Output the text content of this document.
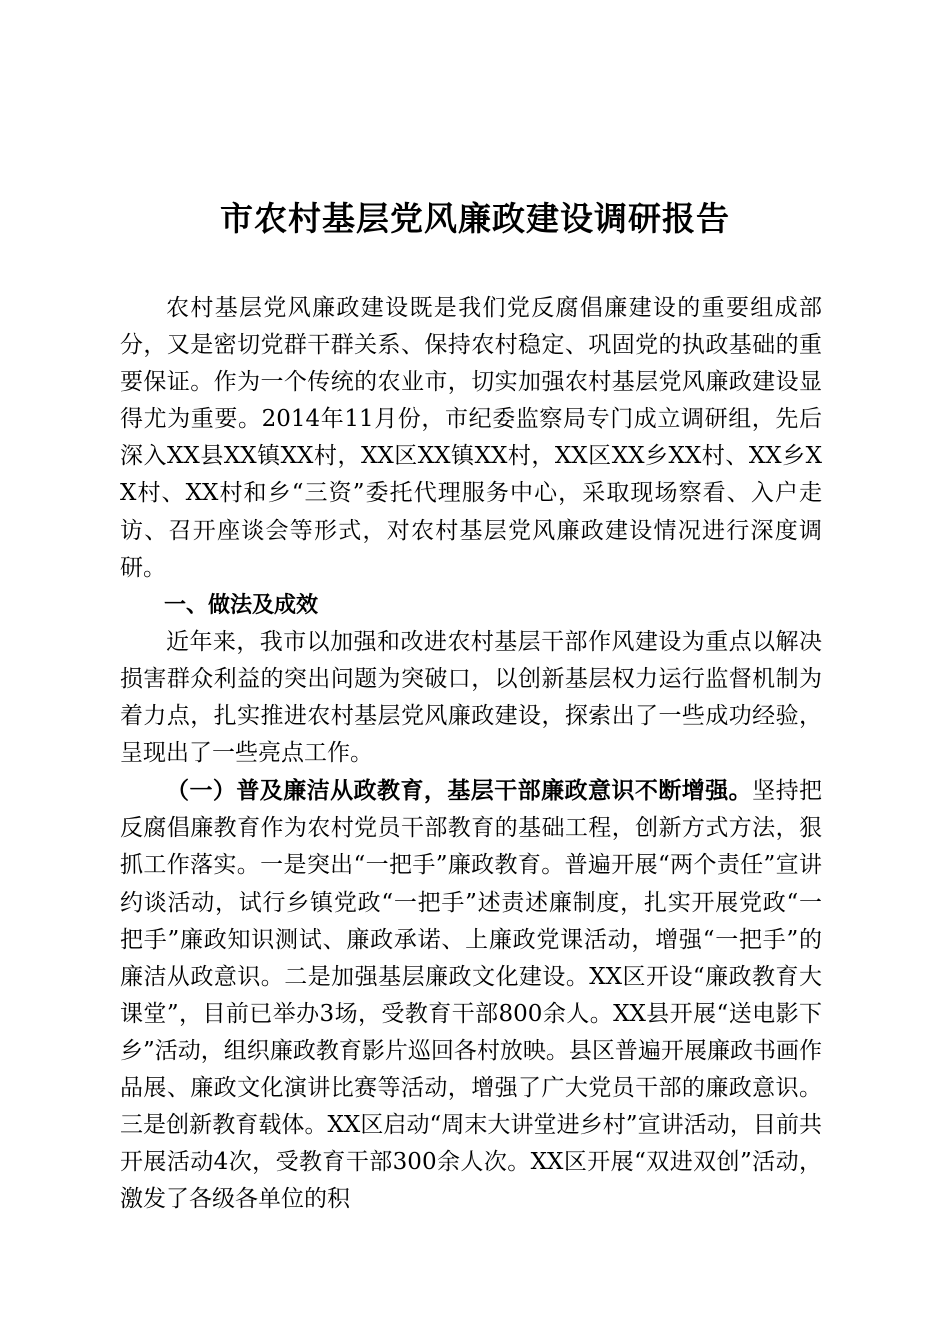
市农村基层党风廉政建设调研报告

农村基层党风廉政建设既是我们党反腐倡廉建设的重要组成部分，又是密切党群干群关系、保持农村稳定、巩固党的执政基础的重要保证。作为一个传统的农业市，切实加强农村基层党风廉政建设显得尤为重要。2014年11月份，市纪委监察局专门成立调研组，先后深入XX县XX镇XX村，XX区XX镇XX村，XX区XX乡XX村、XX乡XX村、XX村和乡“三资”委托代理服务中心，采取现场察看、入户走访、召开座谈会等形式，对农村基层党风廉政建设情况进行深度调研。

一、做法及成效

近年来，我市以加强和改进农村基层干部作风建设为重点以解决损害群众利益的突出问题为突破口，以创新基层权力运行监督机制为着力点，扎实推进农村基层党风廉政建设，探索出了一些成功经验，呈现出了一些亮点工作。

（一）普及廉洁从政教育，基层干部廉政意识不断增强。坚持把反腐倡廉教育作为农村党员干部教育的基础工程，创新方式方法，狠抓工作落实。一是突出“一把手”廉政教育。普遍开展“两个责任”宣讲约谈活动，试行乡镇党政“一把手”述责述廉制度，扎实开展党政“一把手”廉政知识测试、廉政承诺、上廉政党课活动，增强“一把手”的廉洁从政意识。二是加强基层廉政文化建设。XX区开设“廉政教育大课堂”，目前已举办3场，受教育干部800余人。XX县开展“送电影下乡”活动，组织廉政教育影片巡回各村放映。县区普遍开展廉政书画作品展、廉政文化演讲比赛等活动，增强了广大党员干部的廉政意识。三是创新教育载体。XX区启动“周末大讲堂进乡村”宣讲活动，目前共开展活动4次，受教育干部300余人次。XX区开展“双进双创”活动，激发了各级各单位的积
